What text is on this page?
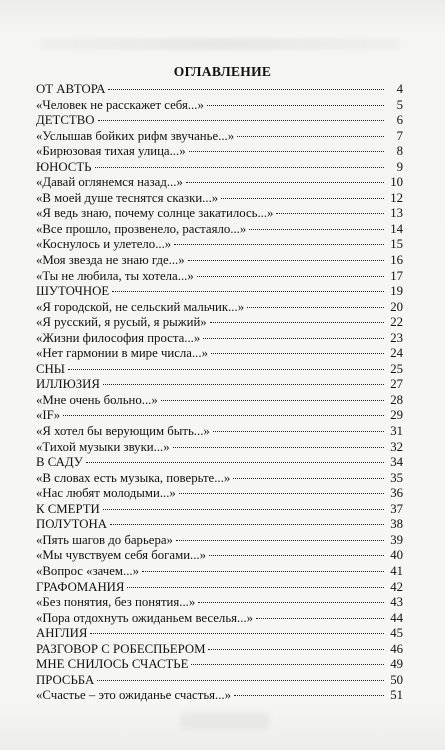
ОГЛАВЛЕНИЕ
ОТ АВТОРА	4
«Человек не расскажет себя...»	5
ДЕТСТВО	6
«Услышав бойких рифм звучанье...»	7
«Бирюзовая тихая улица...»	8
ЮНОСТЬ	9
«Давай оглянемся назад...»	10
«В моей душе теснятся сказки...»	12
«Я ведь знаю, почему солнце закатилось...»	13
«Все прошло, прозвенело, растаяло...»	14
«Коснулось и улетело...»	15
«Моя звезда не знаю где...»	16
«Ты не любила, ты хотела...»	17
ШУТОЧНОЕ	19
«Я городской, не сельский мальчик...»	20
«Я русский, я русый, я рыжий»	22
«Жизни философия проста...»	23
«Нет гармонии в мире числа...»	24
СНЫ	25
ИЛЛЮЗИЯ	27
«Мне очень больно...»	28
«IF»	29
«Я хотел бы верующим быть...»	31
«Тихой музыки звуки...»	32
В САДУ	34
«В словах есть музыка, поверьте...»	35
«Нас любят молодыми...»	36
К СМЕРТИ	37
ПОЛУТОНА	38
«Пять шагов до барьера»	39
«Мы чувствуем себя богами...»	40
«Вопрос «зачем...»	41
ГРАФОМАНИЯ	42
«Без понятия, без понятия...»	43
«Пора отдохнуть ожиданьем веселья...»	44
АНГЛИЯ	45
РАЗГОВОР С РОБЕСПЬЕРОМ	46
МНЕ СНИЛОСЬ СЧАСТЬЕ	49
ПРОСЬБА	50
«Счастье – это ожиданье счастья...»	51
